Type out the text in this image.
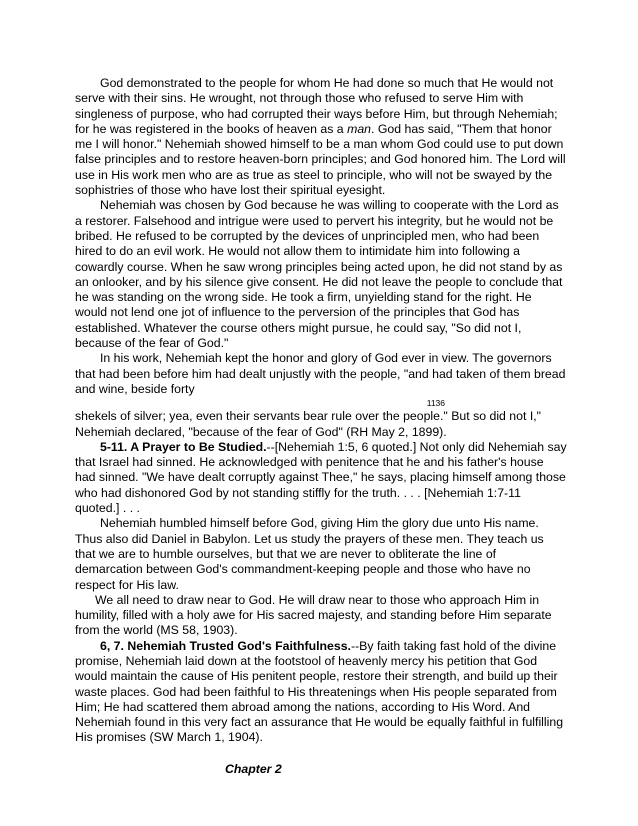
God demonstrated to the people for whom He had done so much that He would not serve with their sins. He wrought, not through those who refused to serve Him with singleness of purpose, who had corrupted their ways before Him, but through Nehemiah; for he was registered in the books of heaven as a man. God has said, "Them that honor me I will honor." Nehemiah showed himself to be a man whom God could use to put down false principles and to restore heaven-born principles; and God honored him. The Lord will use in His work men who are as true as steel to principle, who will not be swayed by the sophistries of those who have lost their spiritual eyesight.

Nehemiah was chosen by God because he was willing to cooperate with the Lord as a restorer. Falsehood and intrigue were used to pervert his integrity, but he would not be bribed. He refused to be corrupted by the devices of unprincipled men, who had been hired to do an evil work. He would not allow them to intimidate him into following a cowardly course. When he saw wrong principles being acted upon, he did not stand by as an onlooker, and by his silence give consent. He did not leave the people to conclude that he was standing on the wrong side. He took a firm, unyielding stand for the right. He would not lend one jot of influence to the perversion of the principles that God has established. Whatever the course others might pursue, he could say, "So did not I, because of the fear of God."

In his work, Nehemiah kept the honor and glory of God ever in view. The governors that had been before him had dealt unjustly with the people, "and had taken of them bread and wine, beside forty

1136

shekels of silver; yea, even their servants bear rule over the people." But so did not I," Nehemiah declared, "because of the fear of God" (RH May 2, 1899).

5-11. A Prayer to Be Studied.--[Nehemiah 1:5, 6 quoted.] Not only did Nehemiah say that Israel had sinned. He acknowledged with penitence that he and his father's house had sinned. "We have dealt corruptly against Thee," he says, placing himself among those who had dishonored God by not standing stiffly for the truth. . . . [Nehemiah 1:7-11 quoted.] . . .

Nehemiah humbled himself before God, giving Him the glory due unto His name. Thus also did Daniel in Babylon. Let us study the prayers of these men. They teach us that we are to humble ourselves, but that we are never to obliterate the line of demarcation between God's commandment-keeping people and those who have no respect for His law.

We all need to draw near to God. He will draw near to those who approach Him in humility, filled with a holy awe for His sacred majesty, and standing before Him separate from the world (MS 58, 1903).

6, 7. Nehemiah Trusted God's Faithfulness.--By faith taking fast hold of the divine promise, Nehemiah laid down at the footstool of heavenly mercy his petition that God would maintain the cause of His penitent people, restore their strength, and build up their waste places. God had been faithful to His threatenings when His people separated from Him; He had scattered them abroad among the nations, according to His Word. And Nehemiah found in this very fact an assurance that He would be equally faithful in fulfilling His promises (SW March 1, 1904).

Chapter 2
